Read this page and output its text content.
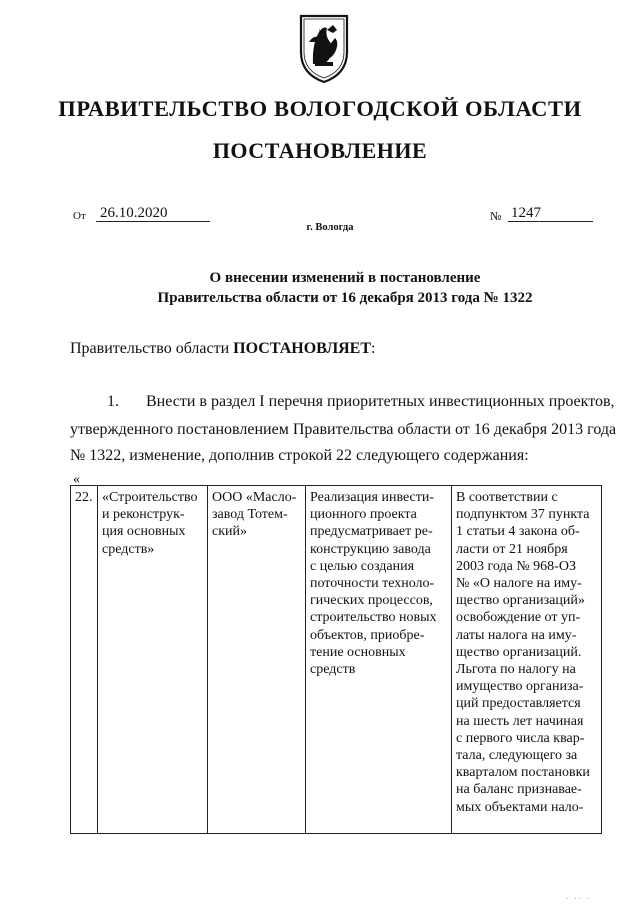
ПРАВИТЕЛЬСТВО ВОЛОГОДСКОЙ ОБЛАСТИ
ПОСТАНОВЛЕНИЕ
От 26.10.2020	№ 1247
г. Вологда
О внесении изменений в постановление
Правительства области от 16 декабря 2013 года № 1322
Правительство области ПОСТАНОВЛЯЕТ:
1. Внести в раздел I перечня приоритетных инвестиционных проектов,
утвержденного постановлением Правительства области от 16 декабря 2013 года
№ 1322, изменение, дополнив строкой 22 следующего содержания:
«
22.	«Строительство
и реконструк-
ция основных
средств»

ООО «Масло-
завод Тотем-
ский»

Реализация инвести-
ционного проекта
предусматривает ре-
конструкцию завода
с целью создания
поточности техноло-
гических процессов,
строительство новых
объектов, приобре-
тение основных
средств

В соответствии с
подпунктом 37 пункта
1 статьи 4 закона об-
ласти от 21 ноября
2003 года № 968-ОЗ
№ «О налоге на иму-
щество организаций»
освобождение от уп-
латы налога на иму-
щество организаций.
Льгота по налогу на
имущество организа-
ций предоставляется
на шесть лет начиная
с первого числа квар-
тала, следующего за
кварталом постановки
на баланс признавае-
мых объектами нало-
· ·· ·
